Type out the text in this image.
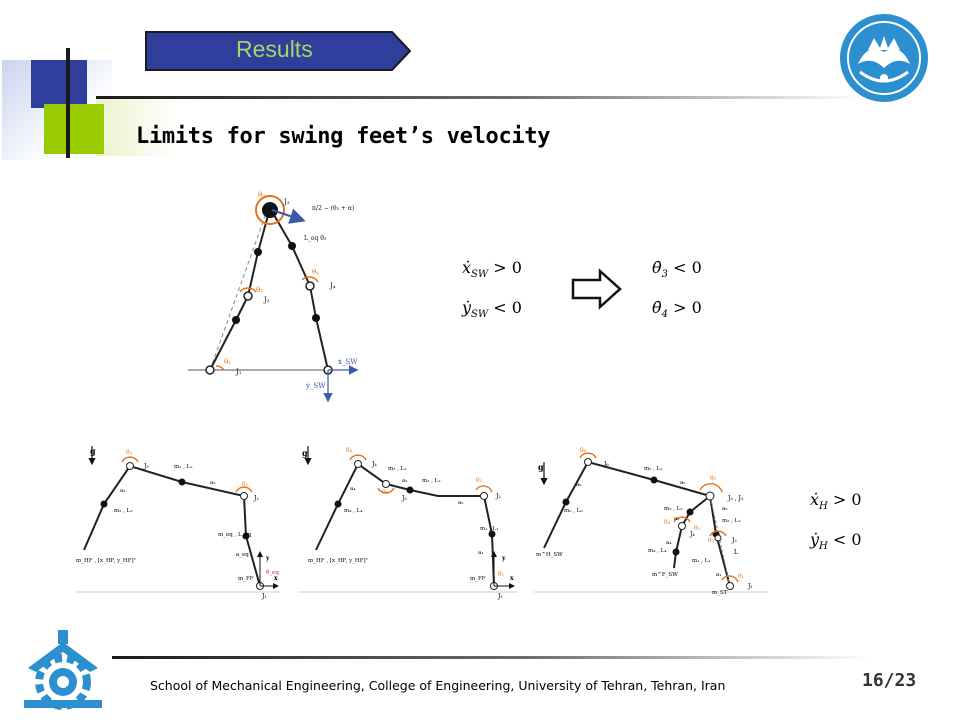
Results
Limits for swing feet’s velocity
θ₃
J₃
π/2 − (θ₃ + α)
L_eq θ̇₃
θ₄
J₄
θ₂
J₂
θ₁
J₁
ẋ_SW
ẏ_SW
ẋ$_{SW}$ > 0
ẏ$_{SW}$ < 0
$\thetȧ_3 < 0$
$\thetȧ_4 > 0$
g	θ₃
J₃	m₂ , L₂
a₂	θ₂
J₂
a₃
m₃ , L₃
m_eq , L_eq
a_eq
m_HF , [x_HF, y_HF]ᵀ	y
x
m_FF
θ_eq
J₁
g	θ₄
J₄
m₃ , L₃
a₃
θ₃
J₃
m₂ , L₂
a₂
θ₂
J₂
a₄
m₄ , L₄
m₁ , L₁
a₁
m_HF , [x_HF, y_HF]ᵀ	y
x
m_FF
θ₁
J₁
g
θ₆
J₆
m₅ , L₅
a₅
θ₅
J₃ , J₅
a₆
m₆ , L₆	m₃ , L₃
m₂ , L₂
a₃
a₂
θ₄
J₄
θ₃
θ₂	J₂
a₄
m₄ , L₄	L
m₁ , L₁
a₁
m^H_SW
m^F_SW	θ₁
J₁
m_ST
ẋ$_H$ > 0
ẏ$_H$ < 0
School of Mechanical Engineering, College of Engineering, University of Tehran, Tehran, Iran	16/23
